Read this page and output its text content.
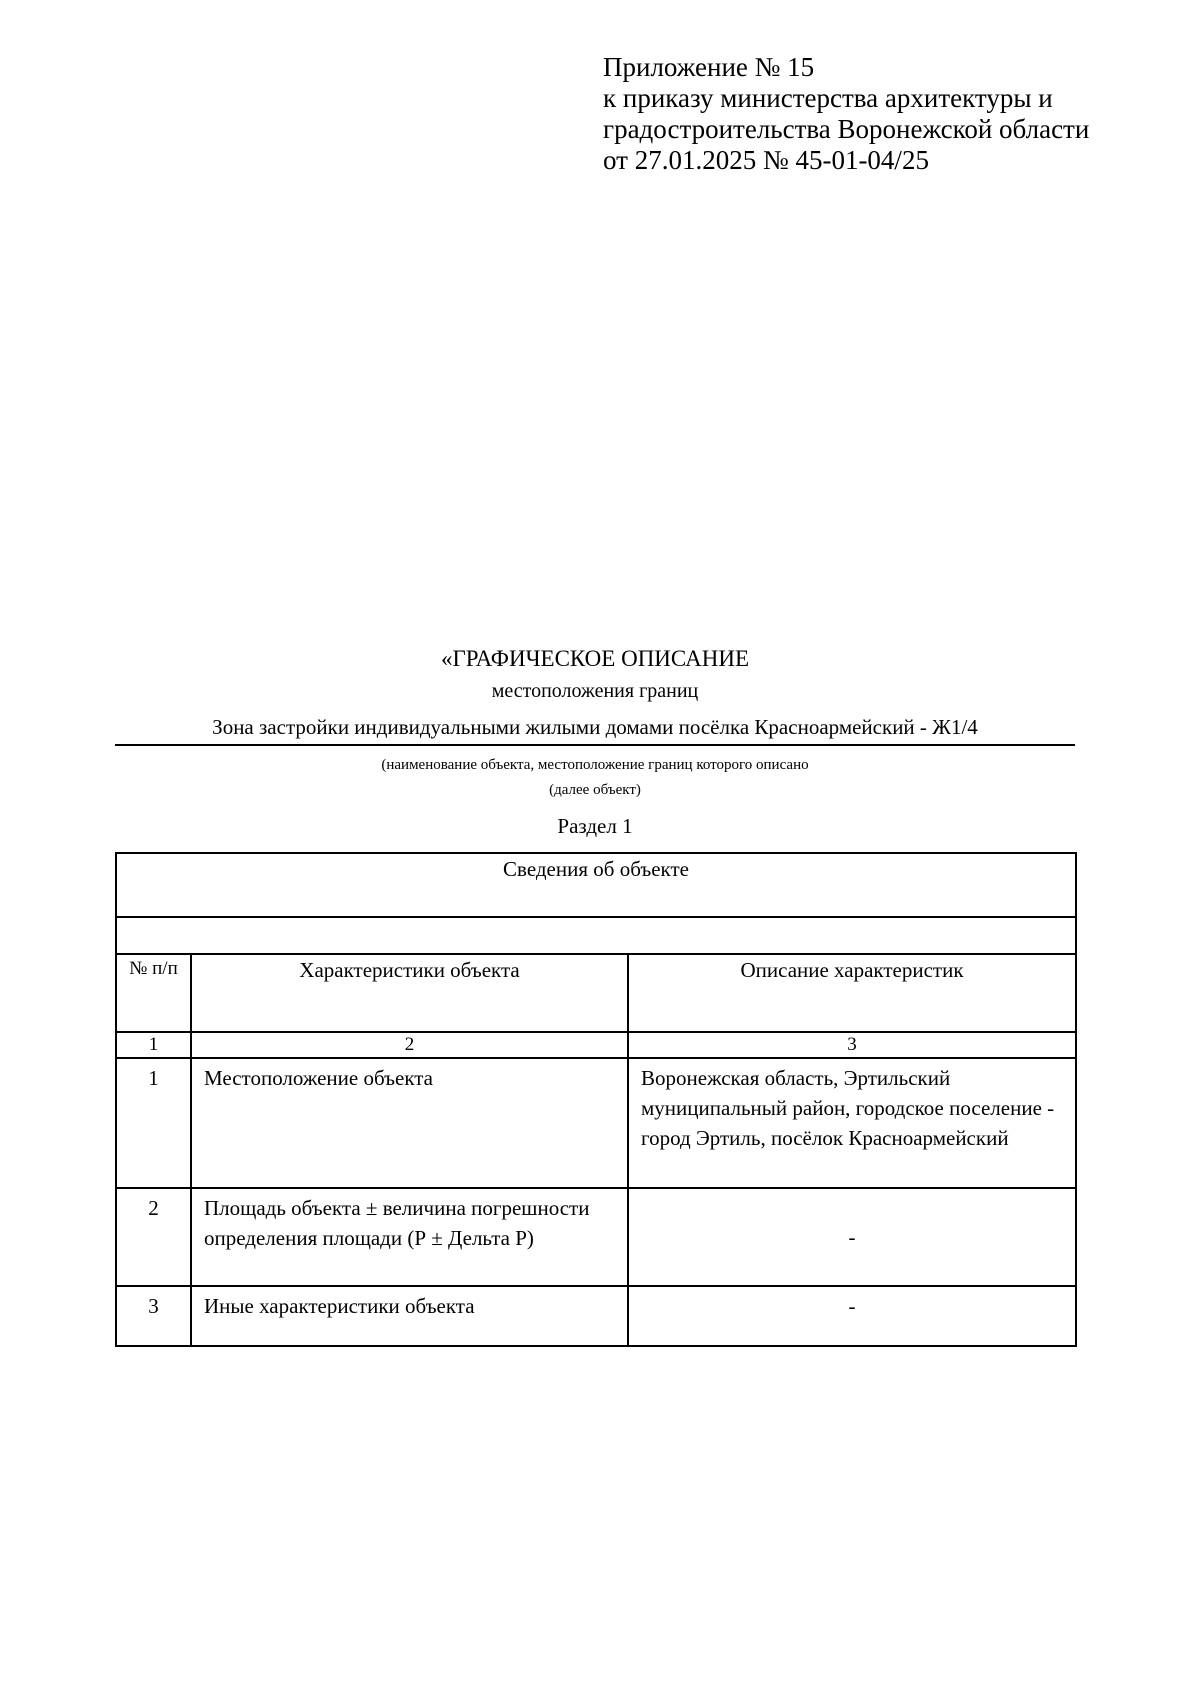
Приложение № 15
к приказу министерства архитектуры и
градостроительства Воронежской области
от 27.01.2025 № 45-01-04/25
«ГРАФИЧЕСКОЕ ОПИСАНИЕ
местоположения границ
Зона застройки индивидуальными жилыми домами посёлка Красноармейский - Ж1/4
(наименование объекта, местоположение границ которого описано
(далее объект)
Раздел 1
Сведения об объекте		

№ п/п	Характеристики объекта	Описание характеристик
1	2	3
1	Местоположение объекта	Воронежская область, Эртильский муниципальный район, городское поселение - город Эртиль, посёлок Красноармейский
2	Площадь объекта ± величина погрешности определения площади (Р ± Дельта Р)	-
3	Иные характеристики объекта	-
